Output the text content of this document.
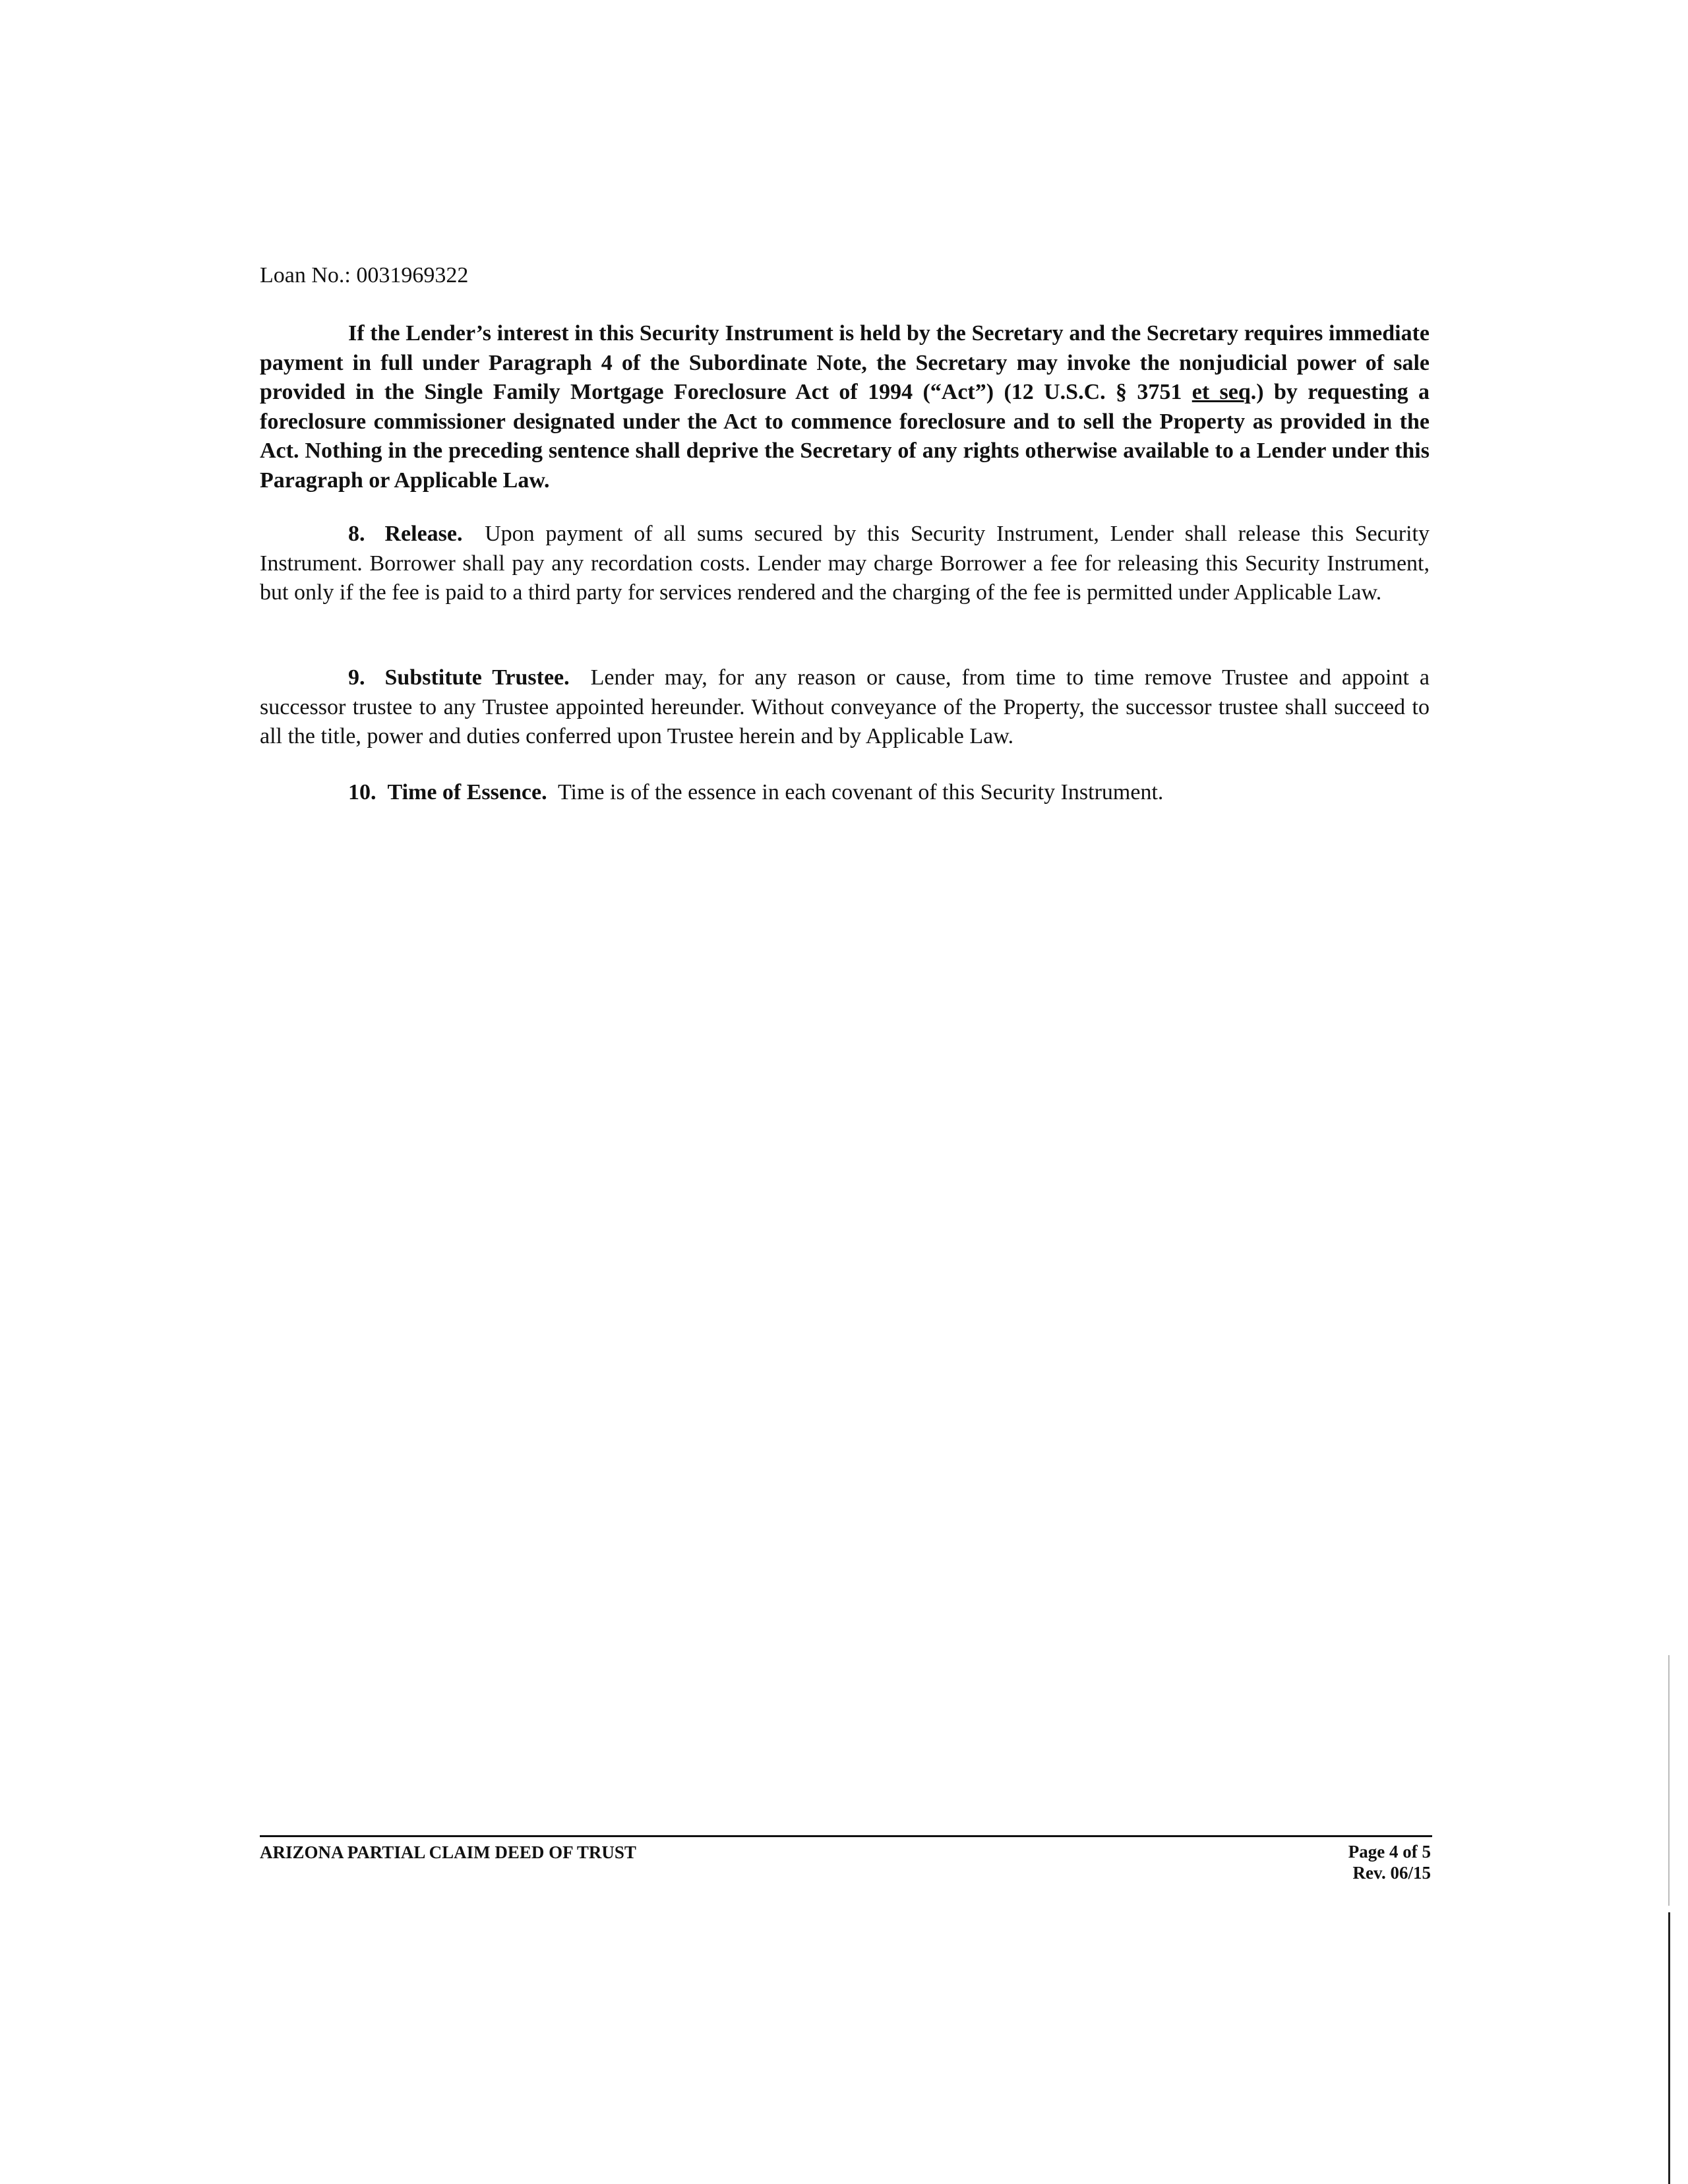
Loan No.: 0031969322
If the Lender’s interest in this Security Instrument is held by the Secretary and the Secretary requires immediate payment in full under Paragraph 4 of the Subordinate Note, the Secretary may invoke the nonjudicial power of sale provided in the Single Family Mortgage Foreclosure Act of 1994 (“Act”) (12 U.S.C. § 3751 et seq.) by requesting a foreclosure commissioner designated under the Act to commence foreclosure and to sell the Property as provided in the Act. Nothing in the preceding sentence shall deprive the Secretary of any rights otherwise available to a Lender under this Paragraph or Applicable Law.
8. Release. Upon payment of all sums secured by this Security Instrument, Lender shall release this Security Instrument. Borrower shall pay any recordation costs. Lender may charge Borrower a fee for releasing this Security Instrument, but only if the fee is paid to a third party for services rendered and the charging of the fee is permitted under Applicable Law.
9. Substitute Trustee. Lender may, for any reason or cause, from time to time remove Trustee and appoint a successor trustee to any Trustee appointed hereunder. Without conveyance of the Property, the successor trustee shall succeed to all the title, power and duties conferred upon Trustee herein and by Applicable Law.
10. Time of Essence. Time is of the essence in each covenant of this Security Instrument.
ARIZONA PARTIAL CLAIM DEED OF TRUST	Page 4 of 5
Rev. 06/15
